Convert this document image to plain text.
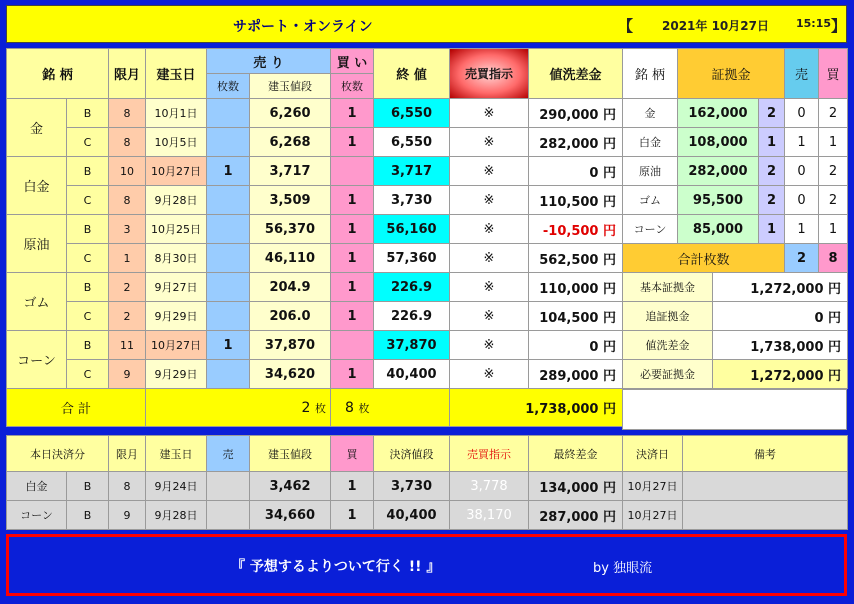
サポート・オンライン	【 2021年 10月27日 15:15 】
銘 柄		限月	建玉日	売 り		買 い	終 値	売買指示	値洗差金
				枚数	建玉値段	枚数			
金	B	8	10月1日		6,260	1	6,550	※	290,000 円
	C	8	10月5日		6,268	1	6,550	※	282,000 円
白金	B	10	10月27日	1	3,717		3,717	※	0 円
	C	8	9月28日		3,509	1	3,730	※	110,500 円
原油	B	3	10月25日		56,370	1	56,160	※	-10,500 円
	C	1	8月30日		46,110	1	57,360	※	562,500 円
ゴム	B	2	9月27日		204.9	1	226.9	※	110,000 円
	C	2	9月29日		206.0	1	226.9	※	104,500 円
コーン	B	11	10月27日	1	37,870		37,870	※	0 円
	C	9	9月29日		34,620	1	40,400	※	289,000 円
合 計			2 枚			8 枚		1,738,000 円	
銘 柄	証拠金			売	買
金	162,000		2	0	2
白金	108,000		1	1	1
原油	282,000		2	0	2
ゴム	95,500		2	0	2
コーン	85,000		1	1	1
合計枚数				2	8
基本証拠金		1,272,000 円			
追証拠金		0 円			
値洗差金		1,738,000 円			
必要証拠金		1,272,000 円			
本日決済分		限月	建玉日	売	建玉値段	買	決済値段	売買指示	最終差金	決済日	備考
白金	B	8	9月24日		3,462	1	3,730	3,778	134,000 円	10月27日	
コーン	B	9	9月28日		34,660	1	40,400	38,170	287,000 円	10月27日	
『 予想するよりついて行く !! 』	by 独眼流
